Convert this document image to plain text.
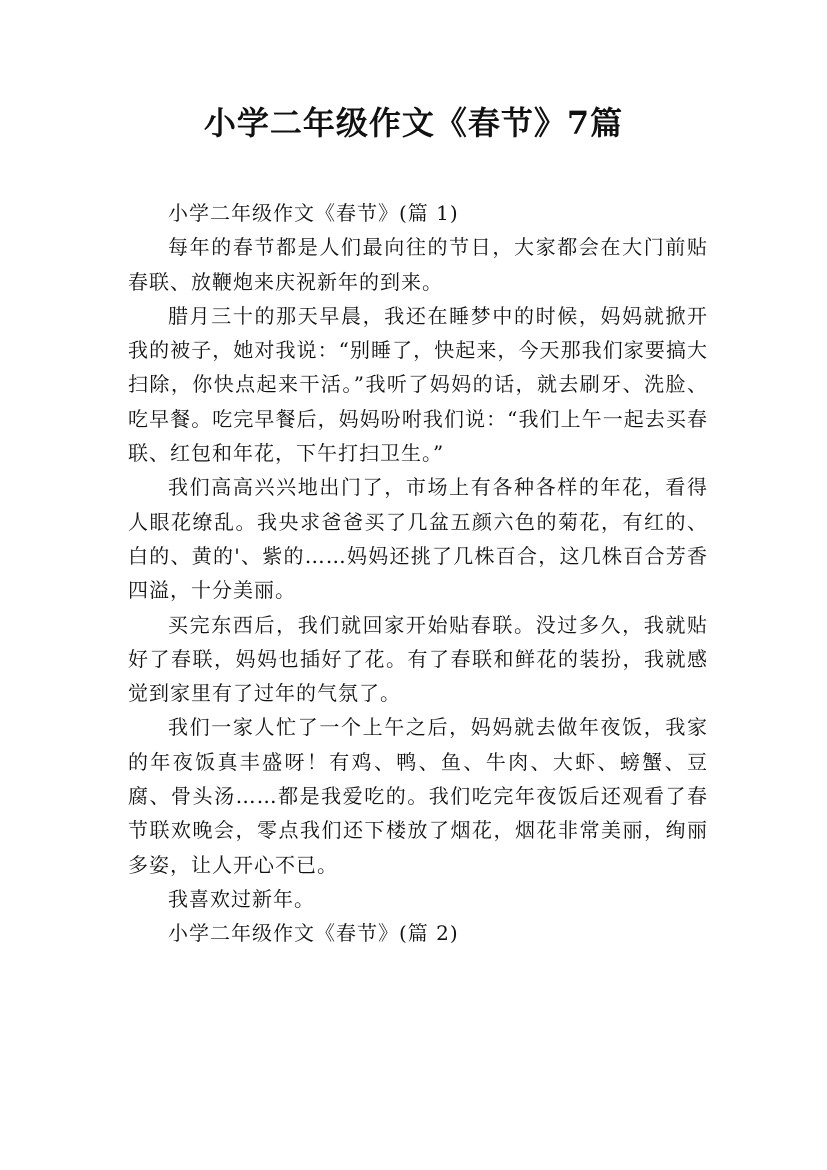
小学二年级作文《春节》7篇

小学二年级作文《春节》(篇 1)

每年的春节都是人们最向往的节日，大家都会在大门前贴春联、放鞭炮来庆祝新年的到来。

腊月三十的那天早晨，我还在睡梦中的时候，妈妈就掀开我的被子，她对我说：“别睡了，快起来，今天那我们家要搞大扫除，你快点起来干活。”我听了妈妈的话，就去刷牙、洗脸、吃早餐。吃完早餐后，妈妈吩咐我们说：“我们上午一起去买春联、红包和年花，下午打扫卫生。”

我们高高兴兴地出门了，市场上有各种各样的年花，看得人眼花缭乱。我央求爸爸买了几盆五颜六色的菊花，有红的、白的、黄的'、紫的……妈妈还挑了几株百合，这几株百合芳香四溢，十分美丽。

买完东西后，我们就回家开始贴春联。没过多久，我就贴好了春联，妈妈也插好了花。有了春联和鲜花的装扮，我就感觉到家里有了过年的气氛了。

我们一家人忙了一个上午之后，妈妈就去做年夜饭，我家的年夜饭真丰盛呀！有鸡、鸭、鱼、牛肉、大虾、螃蟹、豆腐、骨头汤……都是我爱吃的。我们吃完年夜饭后还观看了春节联欢晚会，零点我们还下楼放了烟花，烟花非常美丽，绚丽多姿，让人开心不已。

我喜欢过新年。

小学二年级作文《春节》(篇 2)
